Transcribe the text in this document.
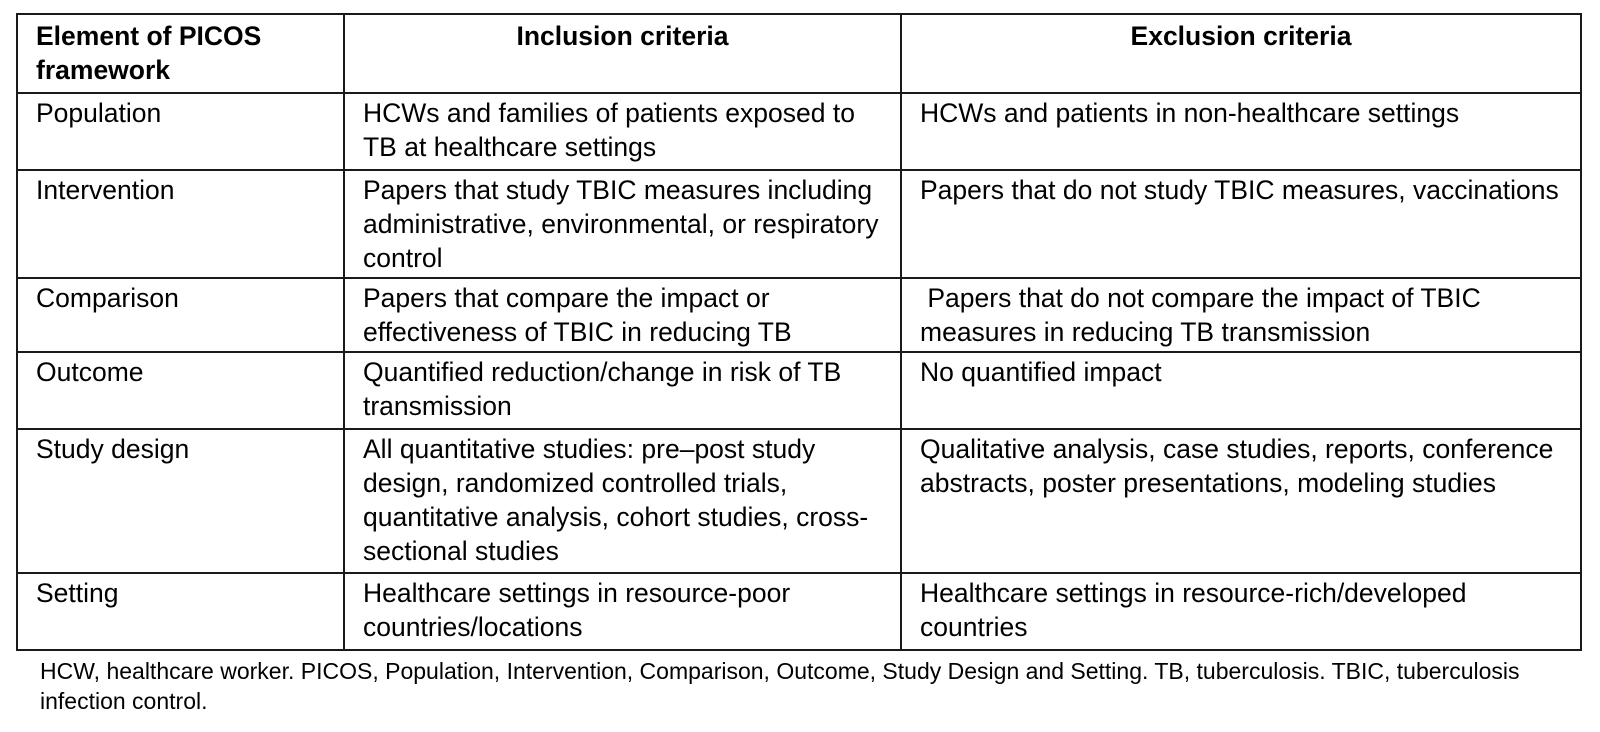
Element of PICOS framework	Inclusion criteria	Exclusion criteria
Population	HCWs and families of patients exposed to TB at healthcare settings	HCWs and patients in non-healthcare settings
Intervention	Papers that study TBIC measures including administrative, environmental, or respiratory control	Papers that do not study TBIC measures, vaccinations
Comparison	Papers that compare the impact or effectiveness of TBIC in reducing TB	Papers that do not compare the impact of TBIC measures in reducing TB transmission
Outcome	Quantified reduction/change in risk of TB transmission	No quantified impact
Study design	All quantitative studies: pre–post study design, randomized controlled trials, quantitative analysis, cohort studies, cross-sectional studies	Qualitative analysis, case studies, reports, conference abstracts, poster presentations, modeling studies
Setting	Healthcare settings in resource-poor countries/locations	Healthcare settings in resource-rich/developed countries
HCW, healthcare worker. PICOS, Population, Intervention, Comparison, Outcome, Study Design and Setting. TB, tuberculosis. TBIC, tuberculosis infection control.
